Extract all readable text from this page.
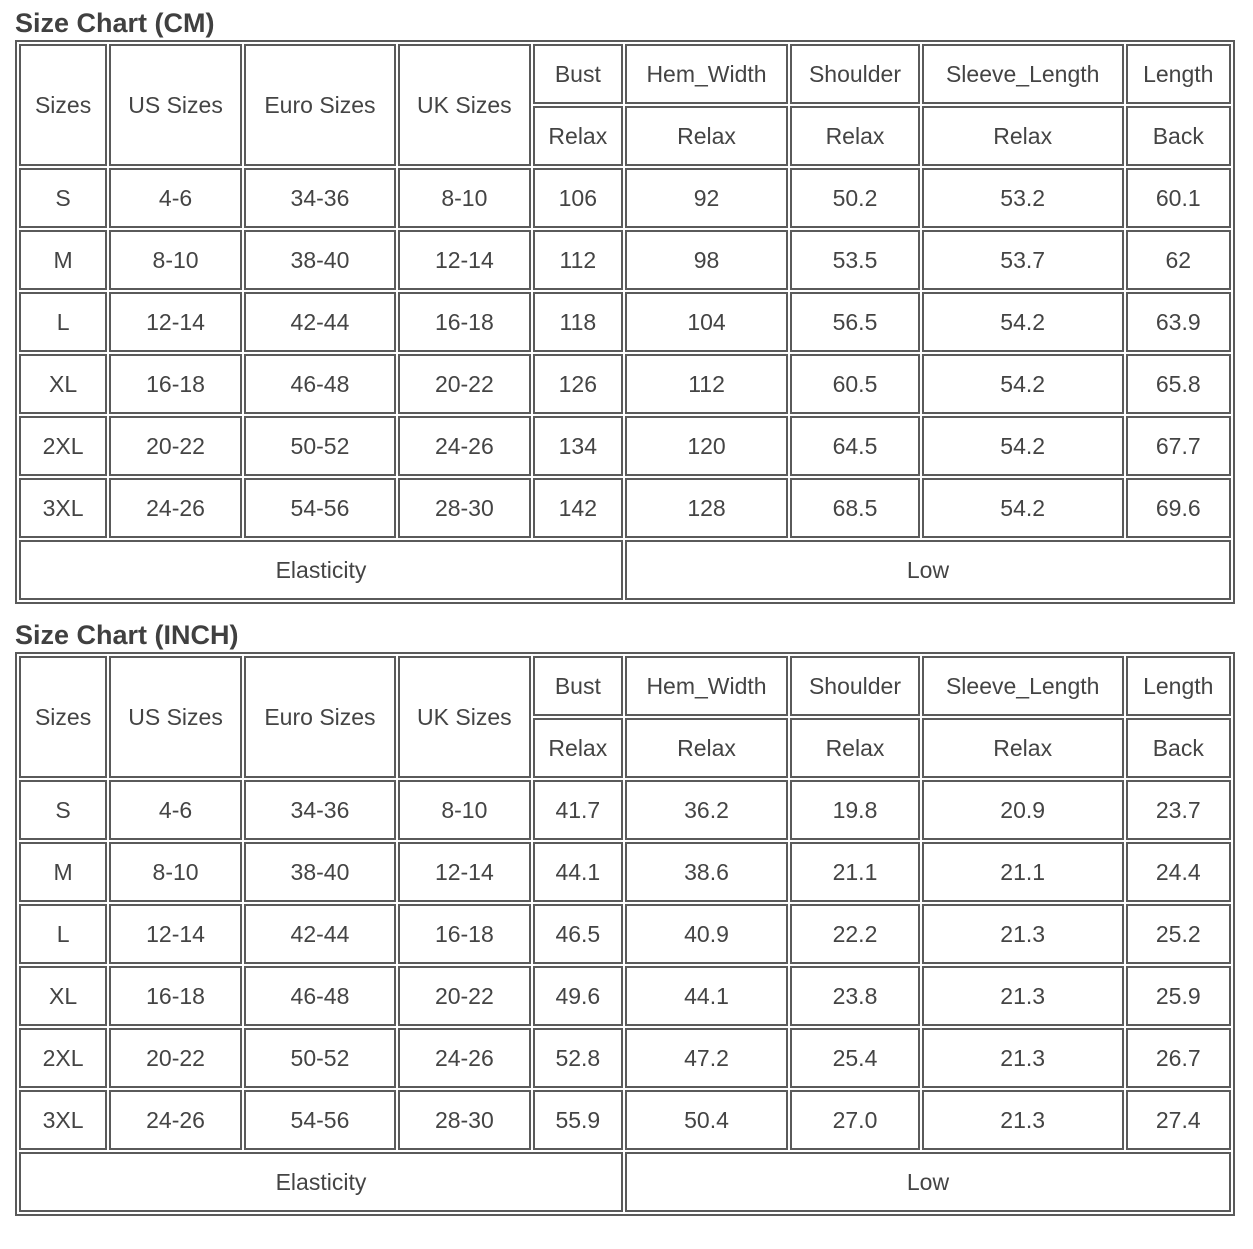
Size Chart (CM)
Sizes	US Sizes	Euro Sizes	UK Sizes	Bust	Hem_Width	Shoulder	Sleeve_Length	Length
				Relax	Relax	Relax	Relax	Back
S	4-6	34-36	8-10	106	92	50.2	53.2	60.1
M	8-10	38-40	12-14	112	98	53.5	53.7	62
L	12-14	42-44	16-18	118	104	56.5	54.2	63.9
XL	16-18	46-48	20-22	126	112	60.5	54.2	65.8
2XL	20-22	50-52	24-26	134	120	64.5	54.2	67.7
3XL	24-26	54-56	28-30	142	128	68.5	54.2	69.6
Elasticity					Low			
Size Chart (INCH)
Sizes	US Sizes	Euro Sizes	UK Sizes	Bust	Hem_Width	Shoulder	Sleeve_Length	Length
				Relax	Relax	Relax	Relax	Back
S	4-6	34-36	8-10	41.7	36.2	19.8	20.9	23.7
M	8-10	38-40	12-14	44.1	38.6	21.1	21.1	24.4
L	12-14	42-44	16-18	46.5	40.9	22.2	21.3	25.2
XL	16-18	46-48	20-22	49.6	44.1	23.8	21.3	25.9
2XL	20-22	50-52	24-26	52.8	47.2	25.4	21.3	26.7
3XL	24-26	54-56	28-30	55.9	50.4	27.0	21.3	27.4
Elasticity					Low			
